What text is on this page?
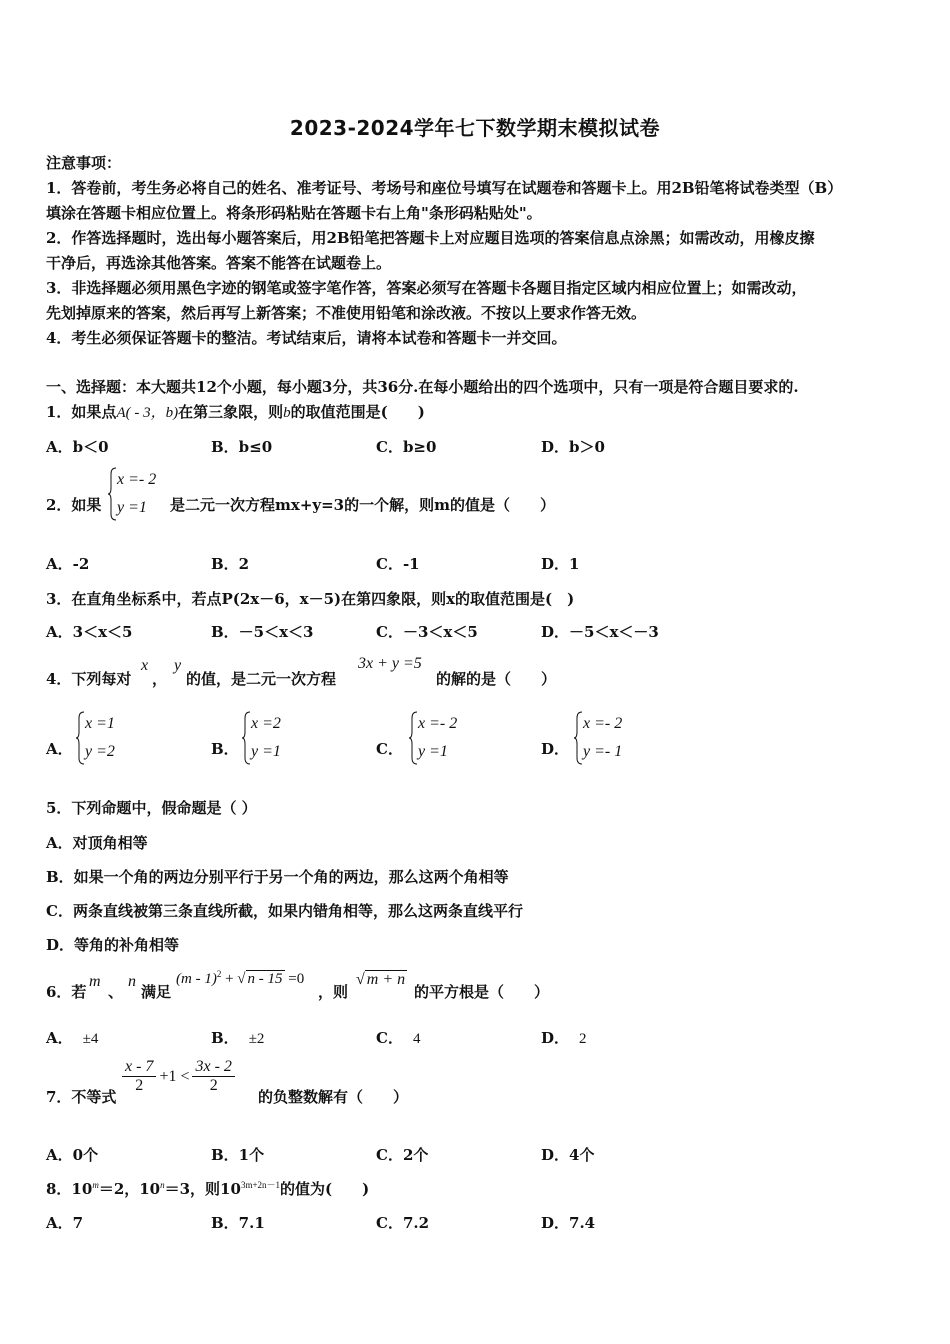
2023-2024学年七下数学期末模拟试卷
注意事项：
1．答卷前，考生务必将自己的姓名、准考证号、考场号和座位号填写在试题卷和答题卡上。用2B铅笔将试卷类型（B）
填涂在答题卡相应位置上。将条形码粘贴在答题卡右上角"条形码粘贴处"。
2．作答选择题时，选出每小题答案后，用2B铅笔把答题卡上对应题目选项的答案信息点涂黑；如需改动，用橡皮擦
干净后，再选涂其他答案。答案不能答在试题卷上。
3．非选择题必须用黑色字迹的钢笔或签字笔作答，答案必须写在答题卡各题目指定区域内相应位置上；如需改动，
先划掉原来的答案，然后再写上新答案；不准使用铅笔和涂改液。不按以上要求作答无效。
4．考生必须保证答题卡的整洁。考试结束后，请将本试卷和答题卡一并交回。
一、选择题：本大题共12个小题，每小题3分，共36分.在每小题给出的四个选项中，只有一项是符合题目要求的.
1．如果点A( - 3，b)在第三象限，则b的取值范围是(　　)
A．b＜0	B．b≤0	C．b≥0	D．b＞0
2．如果
x =- 2
y =1	是二元一次方程mx+y=3的一个解，则m的值是（　　）
A．-2	B．2	C．-1	D．1
3．在直角坐标系中，若点P(2x－6，x－5)在第四象限，则x的取值范围是(　)
A．3＜x＜5	B．－5＜x＜3	C．－3＜x＜5	D．－5＜x＜－3
4．下列每对
x
，
y
的值，是二元一次方程
3x + y =5
的解的是（　　）
A．
x =1
y =2	B．
x =2
y =1	C．
x =- 2
y =1	D．
x =- 2
y =- 1
5．下列命题中，假命题是（ ）
A．对顶角相等
B．如果一个角的两边分别平行于另一个角的两边，那么这两个角相等
C．两条直线被第三条直线所截，如果内错角相等，那么这两条直线平行
D．等角的补角相等
6．若
m
、
n
满足
(m - 1)$^2$ + √ n - 15 =0
，则
√ m + n
的平方根是（　　）
A． ±4	B． ±2	C． 4	D． 2
7．不等式
$\frac{x - 7}{2} +1 < \frac{3x - 2}{2}$
的负整数解有（　　）
A．0个	B．1个	C．2个	D．4个
8．$10^m=2$，$10^n=3$，则$10^{3m+2n-1}$的值为(　　)
A．7	B．7.1	C．7.2	D．7.4
